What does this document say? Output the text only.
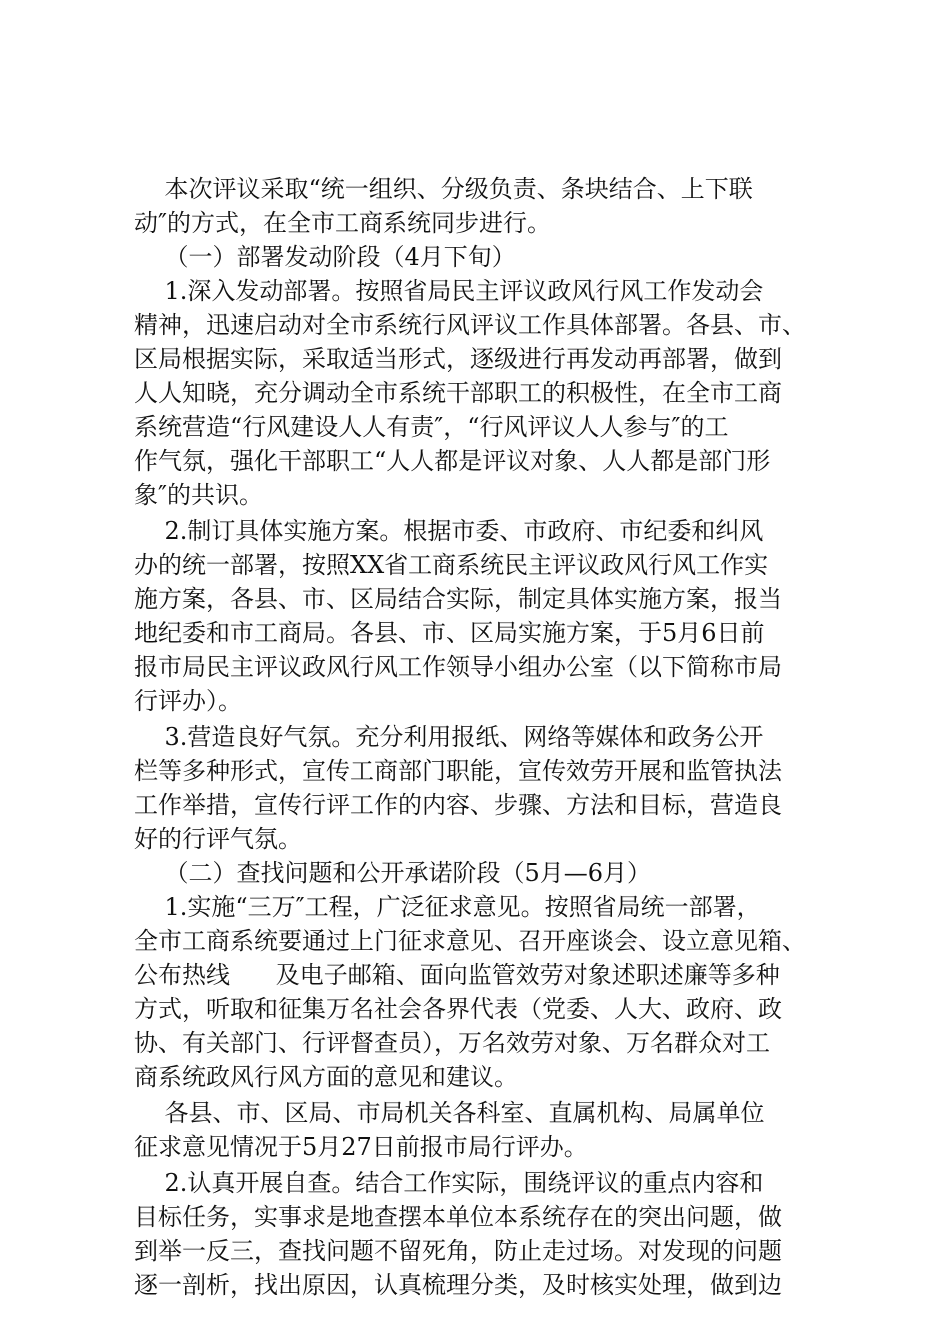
本次评议采取“统一组织、分级负责、条块结合、上下联

动″的方式，在全市工商系统同步进行。

（一）部署发动阶段（4月下旬）

1.深入发动部署。按照省局民主评议政风行风工作发动会

精神，迅速启动对全市系统行风评议工作具体部署。各县、市、

区局根据实际，采取适当形式，逐级进行再发动再部署，做到

人人知晓，充分调动全市系统干部职工的积极性，在全市工商

系统营造“行风建设人人有责″，“行风评议人人参与″的工

作气氛，强化干部职工“人人都是评议对象、人人都是部门形

象″的共识。

2.制订具体实施方案。根据市委、市政府、市纪委和纠风

办的统一部署，按照XX省工商系统民主评议政风行风工作实

施方案，各县、市、区局结合实际，制定具体实施方案，报当

地纪委和市工商局。各县、市、区局实施方案，于5月6日前

报市局民主评议政风行风工作领导小组办公室（以下简称市局

行评办）。

3.营造良好气氛。充分利用报纸、网络等媒体和政务公开

栏等多种形式，宣传工商部门职能，宣传效劳开展和监管执法

工作举措，宣传行评工作的内容、步骤、方法和目标，营造良

好的行评气氛。

（二）查找问题和公开承诺阶段（5月—6月）

1.实施“三万″工程，广泛征求意见。按照省局统一部署，

全市工商系统要通过上门征求意见、召开座谈会、设立意见箱、

公布热线      及电子邮箱、面向监管效劳对象述职述廉等多种

方式，听取和征集万名社会各界代表（党委、人大、政府、政

协、有关部门、行评督查员），万名效劳对象、万名群众对工

商系统政风行风方面的意见和建议。

各县、市、区局、市局机关各科室、直属机构、局属单位

征求意见情况于5月27日前报市局行评办。

2.认真开展自查。结合工作实际，围绕评议的重点内容和

目标任务，实事求是地查摆本单位本系统存在的突出问题，做

到举一反三，查找问题不留死角，防止走过场。对发现的问题

逐一剖析，找出原因，认真梳理分类，及时核实处理，做到边
